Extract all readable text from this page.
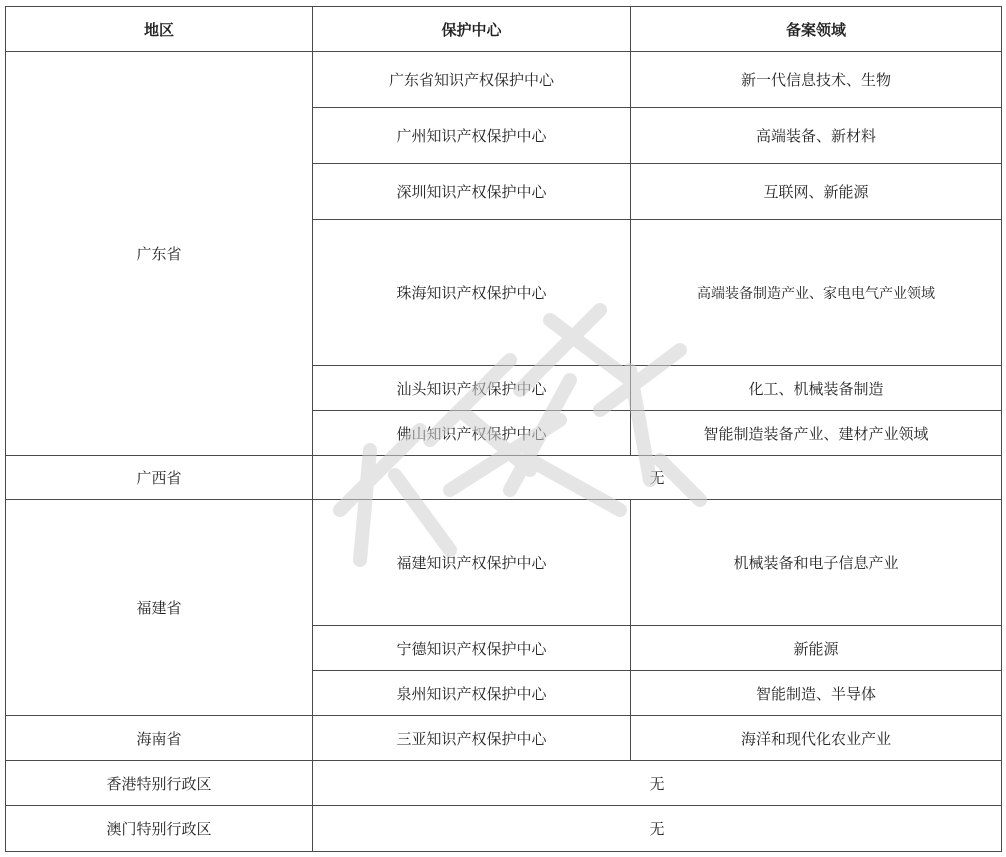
地区	保护中心	备案领域
广东省	广东省知识产权保护中心	新一代信息技术、生物
	广州知识产权保护中心	高端装备、新材料
	深圳知识产权保护中心	互联网、新能源
	珠海知识产权保护中心	高端装备制造产业、家电电气产业领域
	汕头知识产权保护中心	化工、机械装备制造
	佛山知识产权保护中心	智能制造装备产业、建材产业领域
广西省	无	
福建省	福建知识产权保护中心	机械装备和电子信息产业
	宁德知识产权保护中心	新能源
	泉州知识产权保护中心	智能制造、半导体
海南省	三亚知识产权保护中心	海洋和现代化农业产业
香港特别行政区	无	
澳门特别行政区	无	
